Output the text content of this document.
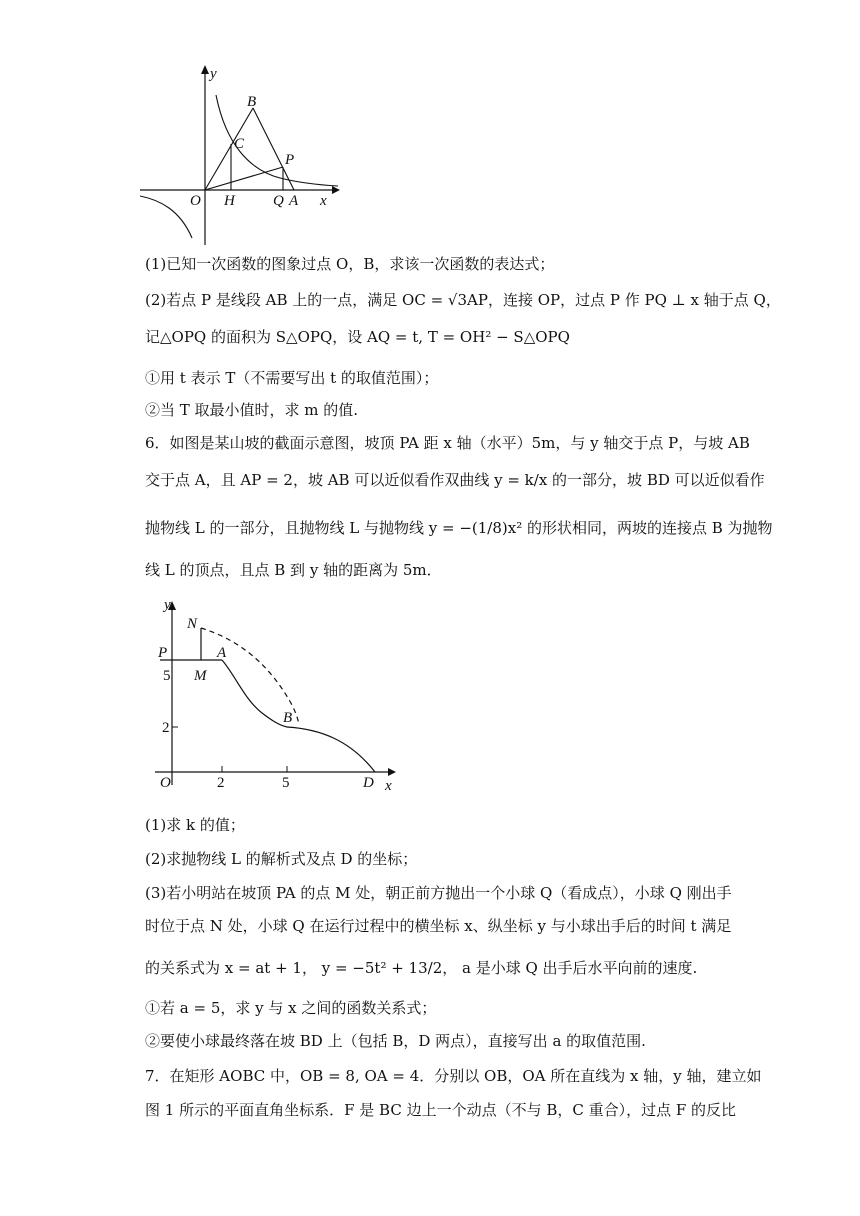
y
B
C
P
O H	Q A x
(1)已知一次函数的图象过点 O，B，求该一次函数的表达式；
(2)若点 P 是线段 AB 上的一点，满足 OC = √3AP，连接 OP，过点 P 作 PQ ⊥ x 轴于点 Q，
记△OPQ 的面积为 S△OPQ，设 AQ = t, T = OH² − S△OPQ
①用 t 表示 T（不需要写出 t 的取值范围）；
②当 T 取最小值时，求 m 的值.
6．如图是某山坡的截面示意图，坡顶 PA 距 x 轴（水平）5m，与 y 轴交于点 P，与坡 AB
交于点 A，且 AP = 2，坡 AB 可以近似看作双曲线 y = k/x 的一部分，坡 BD 可以近似看作
抛物线 L 的一部分，且抛物线 L 与抛物线 y = −(1/8)x² 的形状相同，两坡的连接点 B 为抛物
线 L 的顶点，且点 B 到 y 轴的距离为 5m．
y
N
P	A
5 M
B
2
O	2	5	D x
(1)求 k 的值；
(2)求抛物线 L 的解析式及点 D 的坐标；
(3)若小明站在坡顶 PA 的点 M 处，朝正前方抛出一个小球 Q（看成点），小球 Q 刚出手
时位于点 N 处，小球 Q 在运行过程中的横坐标 x、纵坐标 y 与小球出手后的时间 t 满足
的关系式为 x = at + 1， y = −5t² + 13/2， a 是小球 Q 出手后水平向前的速度.
①若 a = 5，求 y 与 x 之间的函数关系式；
②要使小球最终落在坡 BD 上（包括 B，D 两点），直接写出 a 的取值范围.
7．在矩形 AOBC 中，OB = 8, OA = 4．分别以 OB，OA 所在直线为 x 轴，y 轴，建立如
图 1 所示的平面直角坐标系．F 是 BC 边上一个动点（不与 B，C 重合），过点 F 的反比
